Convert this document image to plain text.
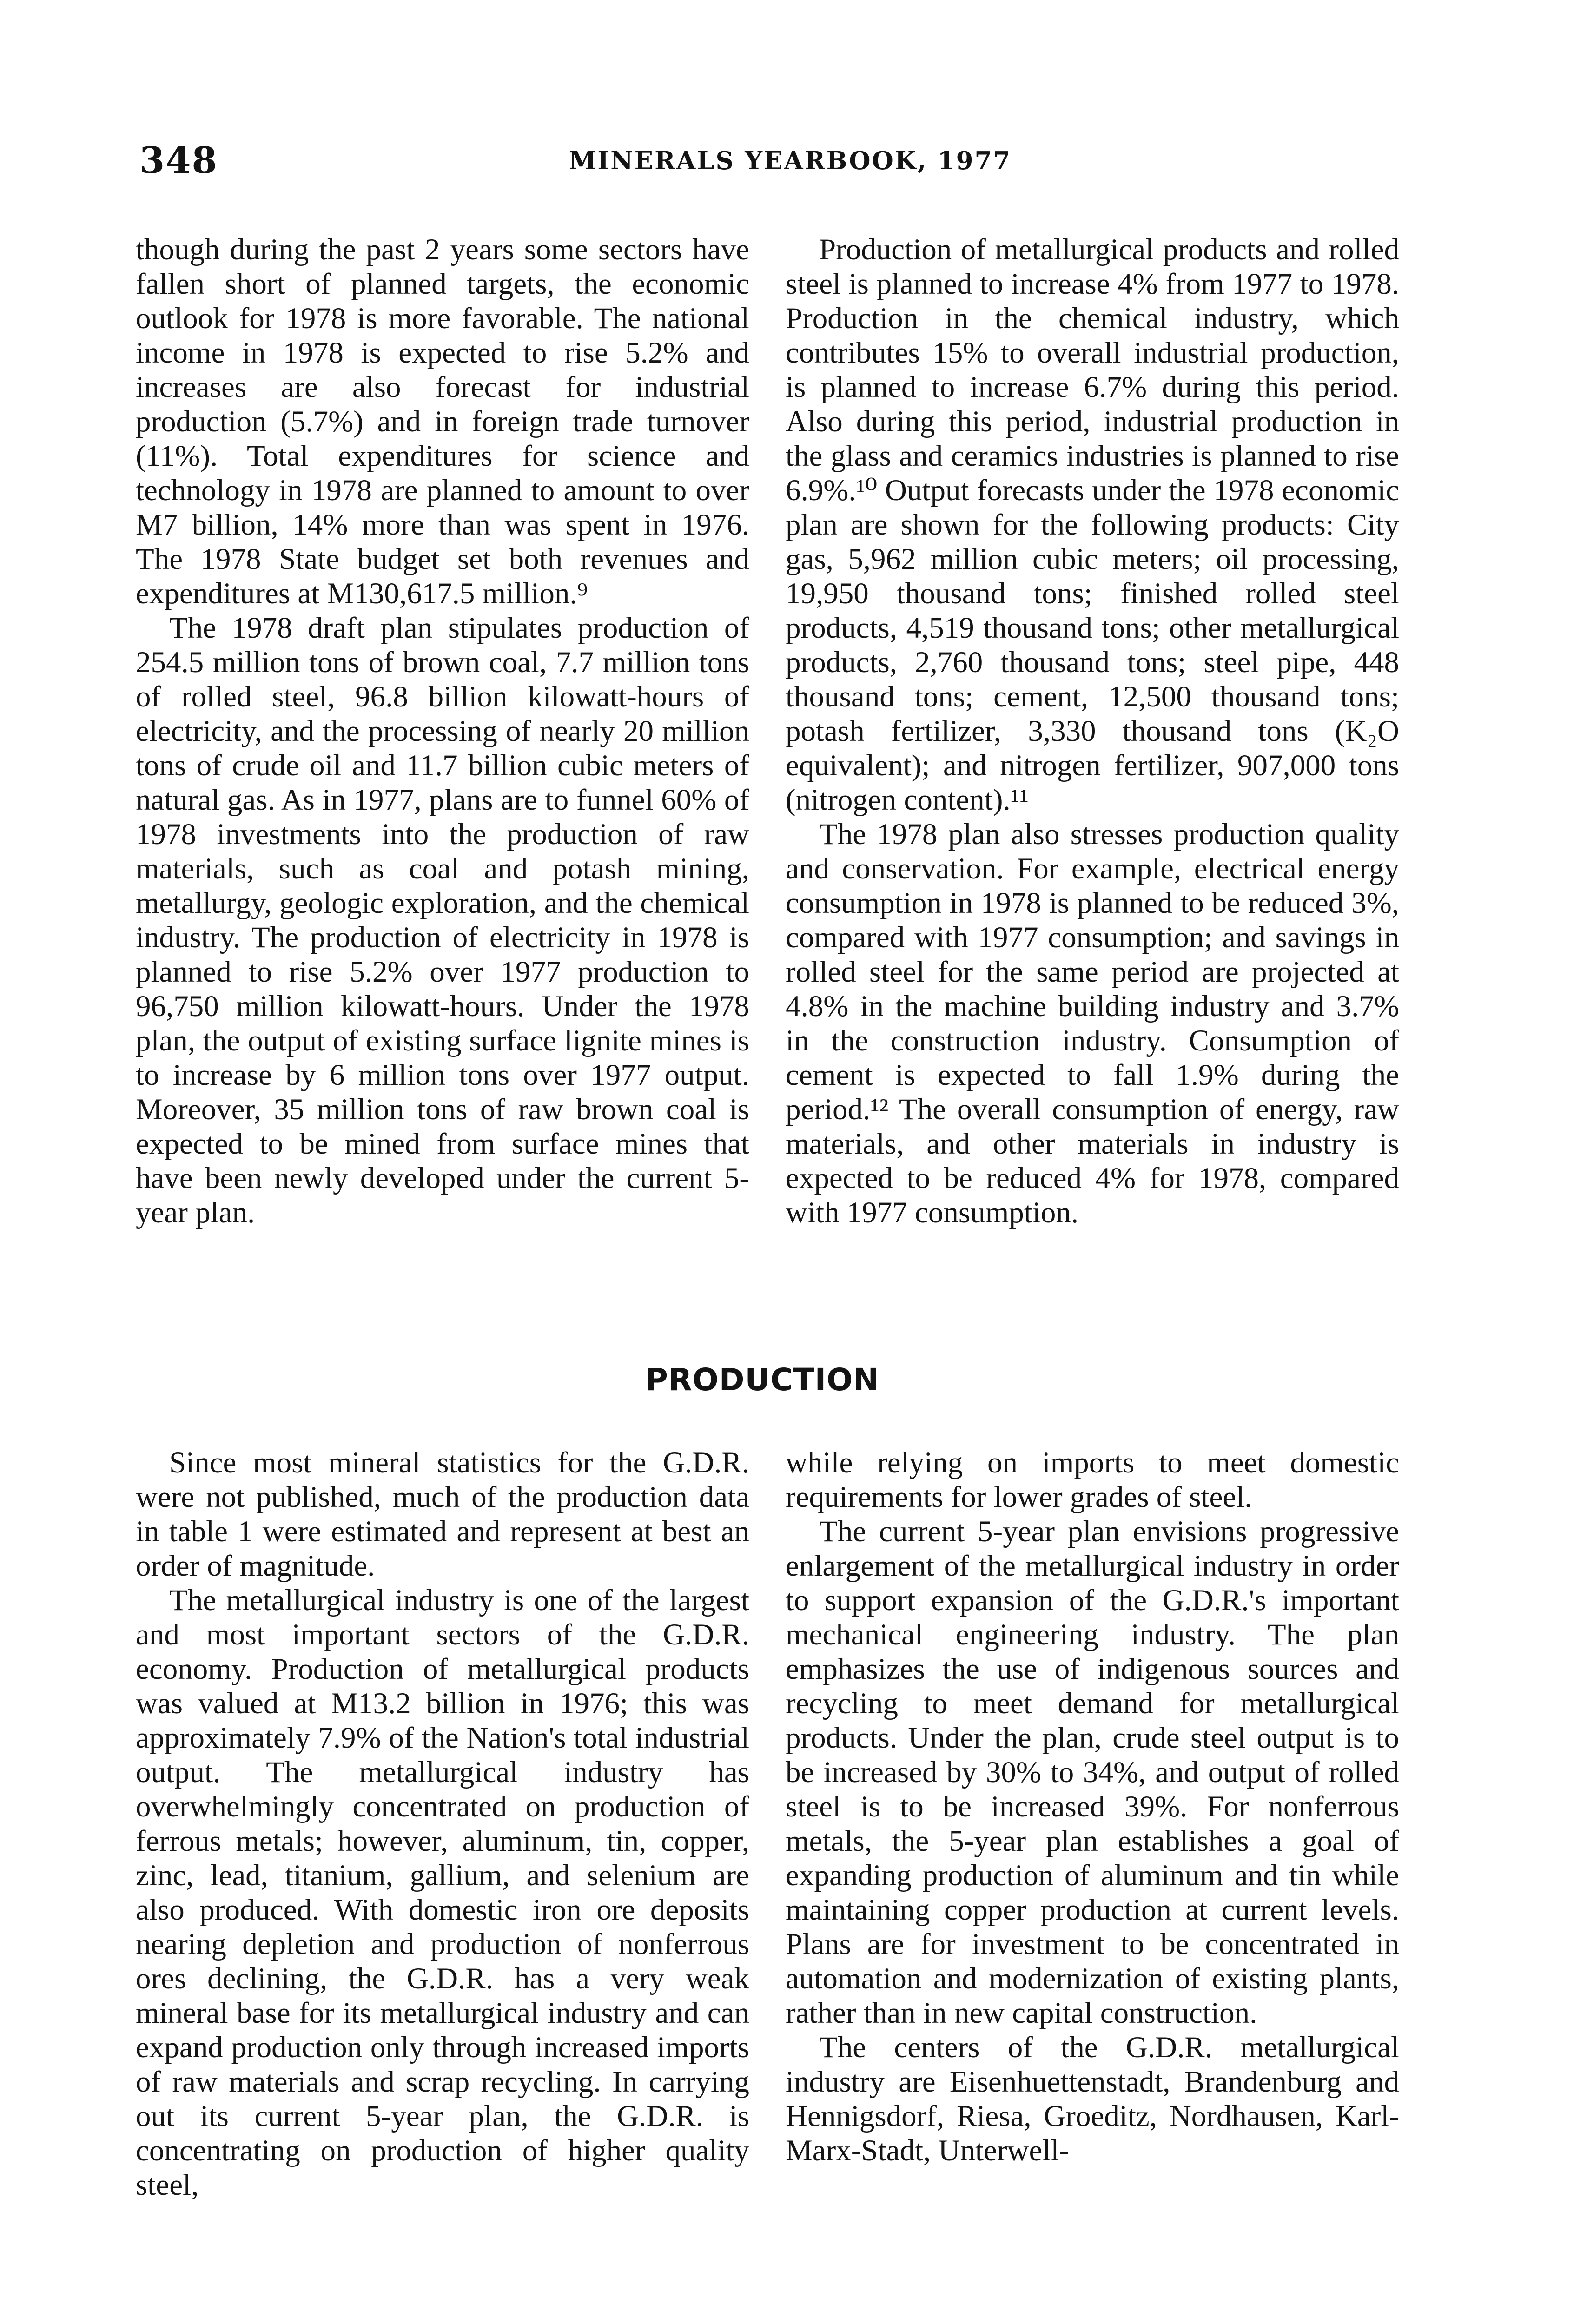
348	MINERALS YEARBOOK, 1977

though during the past 2 years some sectors have fallen short of planned targets, the economic outlook for 1978 is more favorable. The national income in 1978 is expected to rise 5.2% and increases are also forecast for industrial production (5.7%) and in foreign trade turnover (11%). Total expenditures for science and technology in 1978 are planned to amount to over M7 billion, 14% more than was spent in 1976. The 1978 State budget set both revenues and expenditures at M130,617.5 million.⁹

The 1978 draft plan stipulates production of 254.5 million tons of brown coal, 7.7 million tons of rolled steel, 96.8 billion kilowatt-hours of electricity, and the processing of nearly 20 million tons of crude oil and 11.7 billion cubic meters of natural gas. As in 1977, plans are to funnel 60% of 1978 investments into the production of raw materials, such as coal and potash mining, metallurgy, geologic exploration, and the chemical industry. The production of electricity in 1978 is planned to rise 5.2% over 1977 production to 96,750 million kilowatt-hours. Under the 1978 plan, the output of existing surface lignite mines is to increase by 6 million tons over 1977 output. Moreover, 35 million tons of raw brown coal is expected to be mined from surface mines that have been newly developed under the current 5-year plan.

Production of metallurgical products and rolled steel is planned to increase 4% from 1977 to 1978. Production in the chemical industry, which contributes 15% to overall industrial production, is planned to increase 6.7% during this period. Also during this period, industrial production in the glass and ceramics industries is planned to rise 6.9%.¹⁰ Output forecasts under the 1978 economic plan are shown for the following products: City gas, 5,962 million cubic meters; oil processing, 19,950 thousand tons; finished rolled steel products, 4,519 thousand tons; other metallurgical products, 2,760 thousand tons; steel pipe, 448 thousand tons; cement, 12,500 thousand tons; potash fertilizer, 3,330 thousand tons (K₂O equivalent); and nitrogen fertilizer, 907,000 tons (nitrogen content).¹¹

The 1978 plan also stresses production quality and conservation. For example, electrical energy consumption in 1978 is planned to be reduced 3%, compared with 1977 consumption; and savings in rolled steel for the same period are projected at 4.8% in the machine building industry and 3.7% in the construction industry. Consumption of cement is expected to fall 1.9% during the period.¹² The overall consumption of energy, raw materials, and other materials in industry is expected to be reduced 4% for 1978, compared with 1977 consumption.

PRODUCTION

Since most mineral statistics for the G.D.R. were not published, much of the production data in table 1 were estimated and represent at best an order of magnitude.

The metallurgical industry is one of the largest and most important sectors of the G.D.R. economy. Production of metallurgical products was valued at M13.2 billion in 1976; this was approximately 7.9% of the Nation's total industrial output. The metallurgical industry has overwhelmingly concentrated on production of ferrous metals; however, aluminum, tin, copper, zinc, lead, titanium, gallium, and selenium are also produced. With domestic iron ore deposits nearing depletion and production of nonferrous ores declining, the G.D.R. has a very weak mineral base for its metallurgical industry and can expand production only through increased imports of raw materials and scrap recycling. In carrying out its current 5-year plan, the G.D.R. is concentrating on production of higher quality steel,

while relying on imports to meet domestic requirements for lower grades of steel.

The current 5-year plan envisions progressive enlargement of the metallurgical industry in order to support expansion of the G.D.R.'s important mechanical engineering industry. The plan emphasizes the use of indigenous sources and recycling to meet demand for metallurgical products. Under the plan, crude steel output is to be increased by 30% to 34%, and output of rolled steel is to be increased 39%. For nonferrous metals, the 5-year plan establishes a goal of expanding production of aluminum and tin while maintaining copper production at current levels. Plans are for investment to be concentrated in automation and modernization of existing plants, rather than in new capital construction.

The centers of the G.D.R. metallurgical industry are Eisenhuettenstadt, Brandenburg and Hennigsdorf, Riesa, Groeditz, Nordhausen, Karl-Marx-Stadt, Unterwell-
